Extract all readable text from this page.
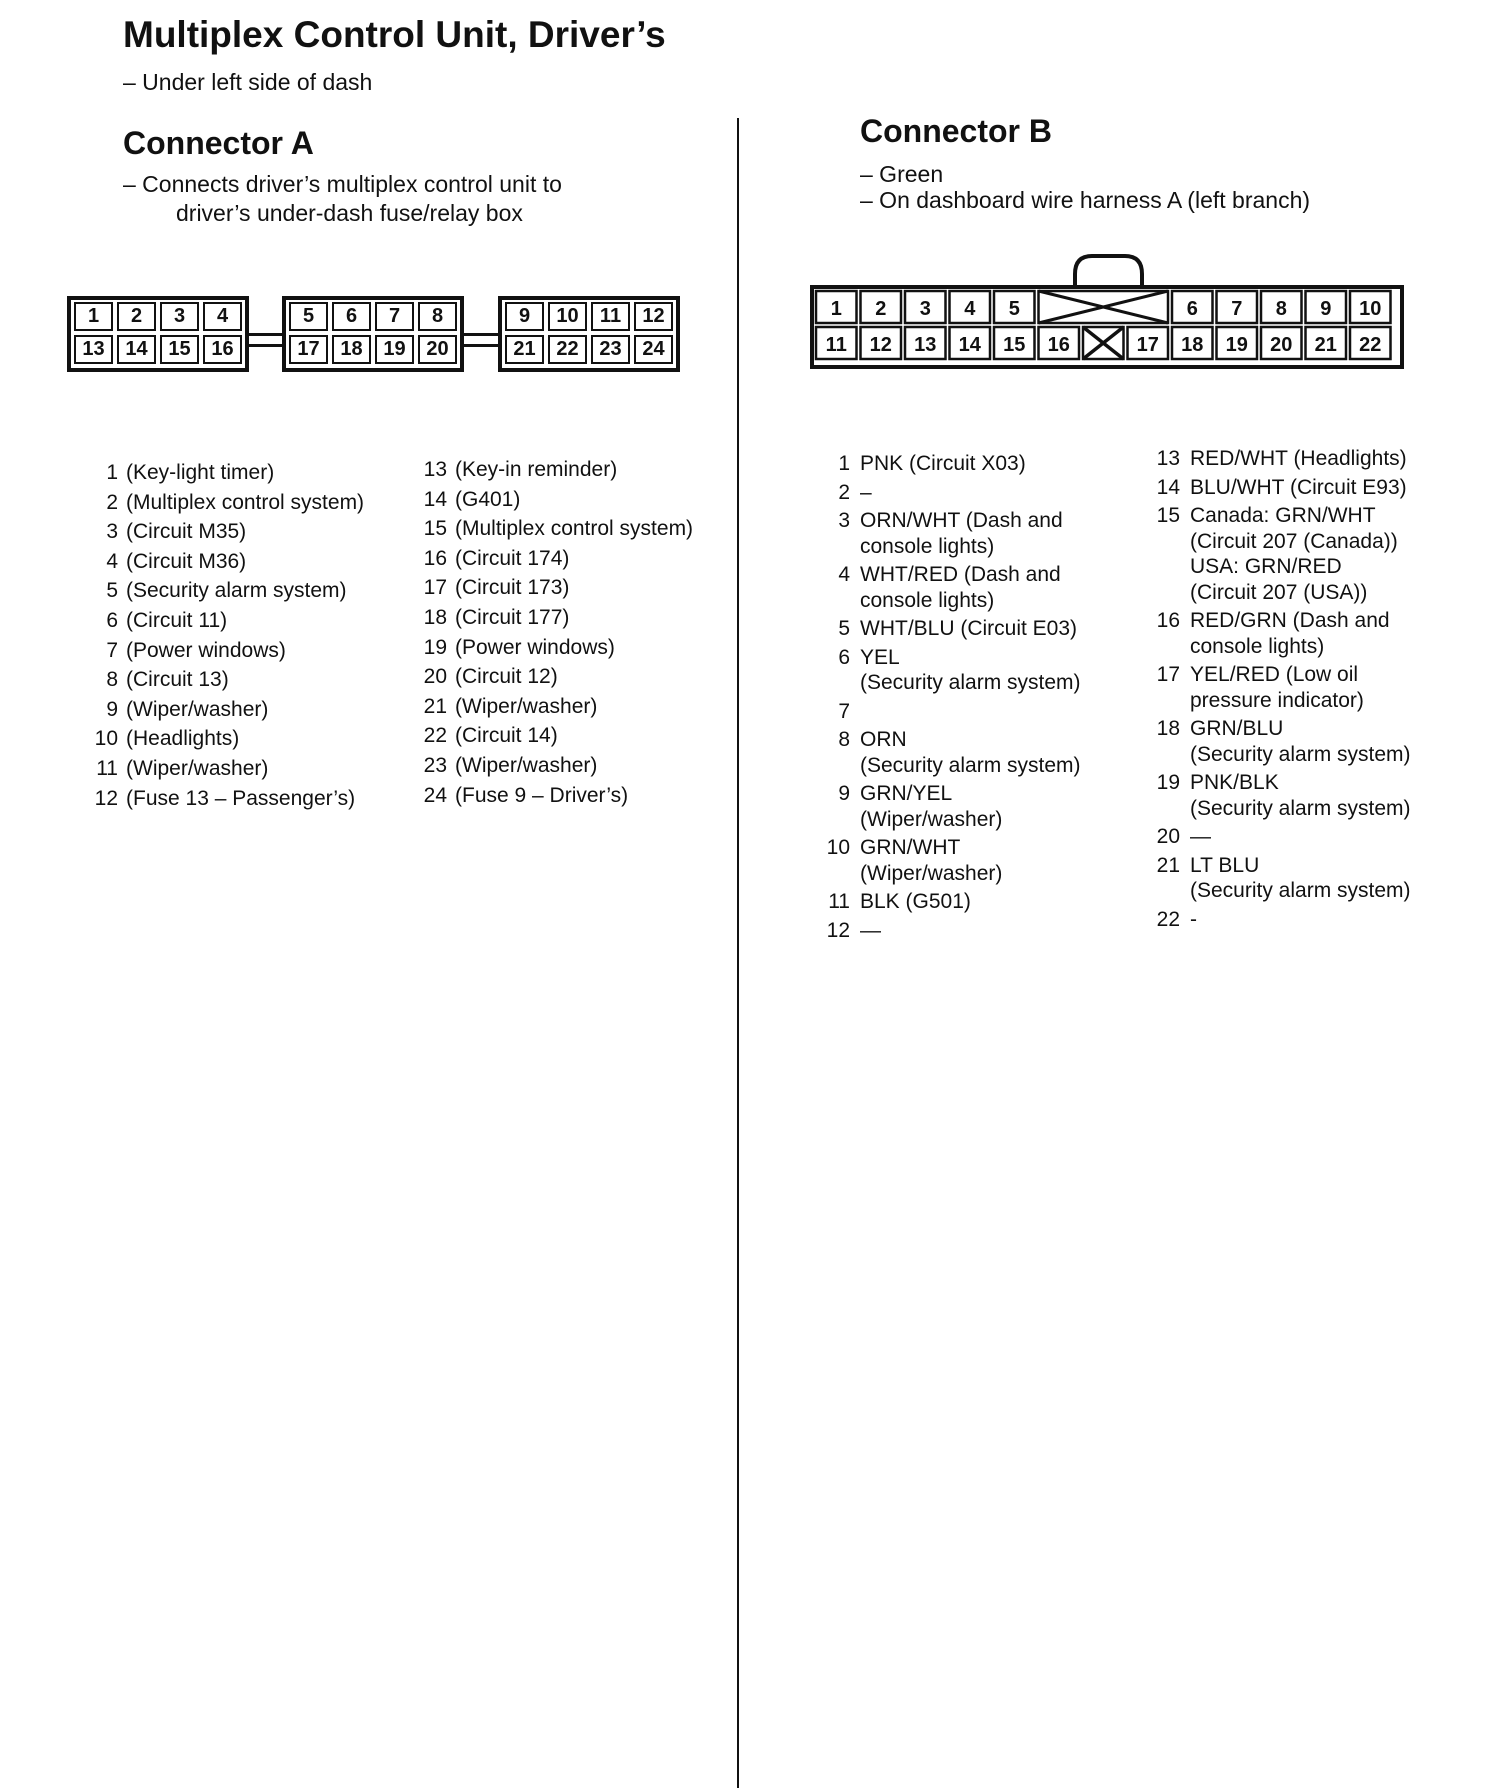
Multiplex Control Unit, Driver’s
– Under left side of dash
Connector A
– Connects driver’s multiplex control unit to
driver’s under-dash fuse/relay box
Connector B
– Green
– On dashboard wire harness A (left branch)
1	2	3	4
13	14	15	16
5	6	7	8
17	18	19	20
9	10	11	12
21	22	23	24
1 2 3 4 5	6 7 8 9 10
11 12 13 14 15 16	17 18 19 20 21 22
1 (Key-light timer)
2 (Multiplex control system)
3 (Circuit M35)
4 (Circuit M36)
5 (Security alarm system)
6 (Circuit 11)
7 (Power windows)
8 (Circuit 13)
9 (Wiper/washer)
10 (Headlights)
11 (Wiper/washer)
12 (Fuse 13 – Passenger’s)
13 (Key-in reminder)
14 (G401)
15 (Multiplex control system)
16 (Circuit 174)
17 (Circuit 173)
18 (Circuit 177)
19 (Power windows)
20 (Circuit 12)
21 (Wiper/washer)
22 (Circuit 14)
23 (Wiper/washer)
24 (Fuse 9 – Driver’s)
1 PNK (Circuit X03)
2 –
3 ORN/WHT (Dash and
console lights)
4 WHT/RED (Dash and
console lights)
5 WHT/BLU (Circuit E03)
6 YEL
(Security alarm system)
7

8 ORN
(Security alarm system)
9 GRN/YEL
(Wiper/washer)
10 GRN/WHT
(Wiper/washer)
11 BLK (G501)
12 —
13 RED/WHT (Headlights)
14 BLU/WHT (Circuit E93)
15 Canada: GRN/WHT
(Circuit 207 (Canada))
USA: GRN/RED
(Circuit 207 (USA))
16 RED/GRN (Dash and
console lights)
17 YEL/RED (Low oil
pressure indicator)
18 GRN/BLU
(Security alarm system)
19 PNK/BLK
(Security alarm system)
20 —
21 LT BLU
(Security alarm system)
22 -
